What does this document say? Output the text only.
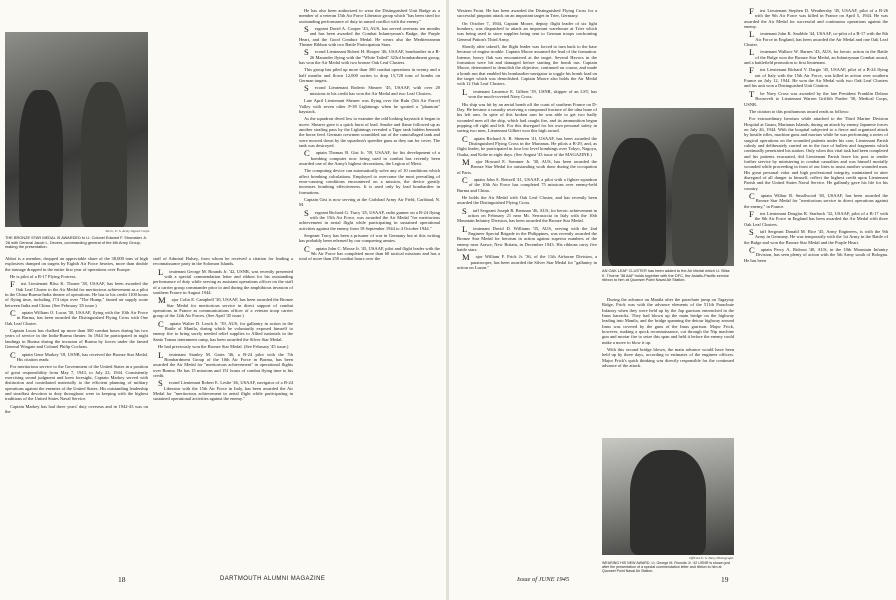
Stern, U. S. Army Signal Corps.
THE BRONZE STAR MEDAL IS AWARDED to Lt. Colonel Edward F. Shumaker Jr. '28 with General Jacob L. Devers, commanding general of the 6th Army Group, making the presentation.

Abbot is a member, dropped an appreciable share of the 38,000 tons of high explosives dumped on targets by Eighth Air Force heavies, more than double the tonnage dropped in the entire first year of operations over Europe.

He is pilot of a B-17 Flying Fortress.

First Lieutenant Bliss K. Thorne '38, USAAF, has been awarded the Oak Leaf Cluster to the Air Medal for meritorious achievement as a pilot in the China-Burma-India theater of operations. He has to his credit 1100 hours of flying time, including 174 trips over "The Hump," famed air supply route between India and China. (See February '45 issue.)

Captain William O. Lucas '30, USAAF, flying with the 10th Air Force in Burma, has been awarded the Distinguished Flying Cross with One Oak Leaf Cluster.

Captain Lucas has chalked up more than 300 combat hours during his two years of service in the India-Burma theater. In 1944 he participated in night landings in Burma during the invasion of Burma by forces under the famed General Wingate and Colonel Philip Cochran.

Captain Gene Markey '18, USNR, has received the Bronze Star Medal. His citation reads:

For meritorious service to the Government of the United States in a position of great responsibility from May 7, 1943, to July 22, 1944. Consistently exercising sound judgment and keen foresight, Captain Markey served with distinction and contributed materially to the efficient planning of military operations against the enemies of the United States. His outstanding leadership and steadfast devotion to duty throughout were in keeping with the highest traditions of the United States Naval Service.

Captain Markey has had three years' duty overseas and in 1942-43 was on the

staff of Admiral Halsey, from whom he received a citation for leading a reconnaissance party in the Solomon Islands.

Lieutenant George M. Rounds Jr. '42, USNR, was recently presented with a special commendation letter and ribbon for his outstanding performance of duty while serving as assistant operations officer on the staff of a carrier group commander prior to and during the amphibious invasion of southern France in August 1944.

Major Colin E. Campbell '30, USAAF, has been awarded the Bronze Star Medal for meritorious service in direct support of combat operations in France as communications officer of a veteran troop carrier group of the 12th Air Forces. (See April '45 issue.)

Captain Walter D. Leach Jr. '39, AUS, for gallantry in action in the Battle of Manila, during which he voluntarily exposed himself to enemy fire to bring sorely needed relief supplies to Allied nationals in the Santo Tomas internment camp, has been awarded the Silver Star Medal.

He had previously won the Bronze Star Medal. (See February '45 issue.)

Lieutenant Stanley M. Gates '46, a B-24 pilot with the 7th Bombardment Group of the 10th Air Force in Burma, has been awarded the Air Medal for "meritorious achievement" in operational flights over Burma. He has 15 missions and 151 hours of combat flying time to his credit.

Second Lieutenant Robert E. Leslie '46, USAAF, navigator of a B-24 Liberator with the 15th Air Force in Italy, has been awarded the Air Medal for "meritorious achievement in aerial flight while participating in sustained operational activities against the enemy."

He has also been authorized to wear the Distinguished Unit Badge as a member of a veteran 15th Air Force Liberator group which "has been cited for outstanding performance of duty in armed conflict with the enemy."

Sergeant David A. Cooper '43, AUS, has served overseas ten months and has been awarded the Combat Infantryman's Badge, the Purple Heart, and the Good Conduct Medal. He wears also the Mediterranean Theater Ribbon with two Battle Participation Stars.

Second Lieutenant Robert H. Hooper '46, USAAF, bombardier in a B-26 Marauder flying with the "White Tailed" 323rd bombardment group, has won the Air Medal with two bronze Oak Leaf Clusters.

This group has piled up more than 300 combat operations in twenty and a half months and flown 12,000 sorties to drop 15,728 tons of bombs on German targets.

Second Lieutenant Roderic Shearer '45, USAAF, with over 20 missions to his credit has won the Air Medal and two Leaf Clusters.

Late April Lieutenant Shearer was flying over the Ruhr (5th Air Force) Valley with seven other P-38 Lightnings when he spotted a "phantom" haystack.

As the squadron dived low to examine the odd looking haystack it began to move. Shearer gave it a quick burst of lead. Smoke and flame followed up as another strafing pass by the Lightnings revealed a Tiger tank hidden beneath the horse feed. German crewmen scrambled out of the camouflaged tank and were mowed down by the squadron's speedier guns as they ran for cover. The tank was destroyed.

Captain Thomas B. Gist Jr. '39, USAAF, for his development of a bombing computer now being used in combat has recently been awarded one of the Army's highest decorations, the Legion of Merit.

The computing device can automatically solve any of 10 conditions which affect bombing calculations. Employed to overcome the most prevailing of error-causing conditions encountered on a mission, the device greatly increases bombing effectiveness. It is used only by lead bombardier in formations.

Captain Gist is now serving at the Carlsbad Army Air Field, Carlsbad, N. M.

Sergeant Richard G. Tracy '45, USAAF, radio gunner on a B-24 flying with the 15th Air Force, was awarded the Air Medal "for meritorious achievement in aerial flight while participating in sustained operational activities against the enemy from 18 September 1944 to 4 October 1944."

Sergeant Tracy has been a prisoner of war in Germany but at this writing has probably been released by our conquering armies.

Captain John C. Mosse Jr. '45, USAAF, pilot and flight leader with the 9th Air Force has completed more than 60 tactical missions and has a total of more than 250 combat hours over the

18	DARTMOUTH ALUMNI MAGAZINE

Western Front. He has been awarded the Distinguished Flying Cross for a successful pinpoint attack on an important target in Trier, Germany.

On October 7, 1944, Captain Moore, deputy flight leader of six light bombers, was dispatched to attack an important warehouse at Trier which was being used to store supplies being sent to German troops confronting General Patton's Third Army.

Shortly after takeoff, the flight leader was forced to turn back to the base because of engine trouble. Captain Moore assumed the lead of the formation. Intense, heavy flak was encountered at the target. Several Havocs in the formation were hit and damaged before starting the bomb run. Captain Moore, determined to demolish the objective, continued on course, and made a bomb run that enabled his bombardier-navigator to toggle his bomb load on the target which was demolished. Captain Moore also holds the Air Medal with 12 Oak Leaf Clusters.

Lieutenant Laurence E. Gilbert '39, USNR, skipper of an LST, has won the much-coveted Navy Cross.

His ship was hit by an aerial bomb off the coast of southern France on D-Day. He became a casualty receiving a compound fracture of the ulna bone of his left arm. In spite of this broken arm he was able to get two badly wounded men off the ship, which had caught fire, and its ammunition began popping off right and left. For this disregard for his own personal safety in saving two men, Lieutenant Gilbert won this high award.

Captain Richard A. B. Shenren '41, USAAF, has been awarded the Distinguished Flying Cross in the Marianas. He pilots a B-29, and, as flight leader, he participated in four low level bombings over Tokyo, Nagoya, Osaka, and Kobe in eight days. (See August '43 issue of the MAGAZINE.)

Major Howard E. Sommer Jr. '30, AUS, has been awarded the Bronze Star Medal for outstanding work done during the occupation of Paris.

Captain John S. Reitzell '41, USAAF, a pilot with a fighter squadron of the 10th Air Force has completed 75 missions over enemy-held Burma and China.

He holds the Air Medal with Oak Leaf Cluster, and has recently been awarded the Distinguished Flying Cross.

Staff Sergeant Joseph R. Brennan '46, AUS, for heroic achievement in action on February 21 near Mt. Serrasiccia in Italy with the 10th Mountain Infantry Division, has been awarded the Bronze Star Medal.

Lieutenant David D. Williams '35, AUS, serving with the 2nd Engineer Special Brigade in the Philippines, was recently awarded the Bronze Star Medal for heroism in action against superior numbers of the enemy near Arawe, New Britain, in December 1943. His ribbons carry five battle stars.

Major William F. Frick Jr. '36, of the 11th Airborne Division, a paratrooper, has been awarded the Silver Star Medal for "gallantry in action on Luzon."

AN OAK LEAF CLUSTER has been added to the Air Medal which Lt. Bliss K. Thorne '38 AAF holds together with the DFC, the Asiatic-Pacific service ribbon to him at Quonset Point Naval Air Station.

During the advance on Manila after the parachute jump on Tagaytay Ridge, Frick was with the advance elements of the 511th Parachute Infantry when they were held up by the Jap garrison entrenched in the Imus barracks. They had blown up the main bridge on the highway leading into Manila, and the bridge spanning the detour highway around Imus was covered by the guns of the Imus garrison. Major Frick, however, making a quick reconnaissance, cut through the Nip machine gun and mortar fire to seize this span and held it before the enemy could make a move to blow it up.

With this second bridge blown, the main advance would have been held up by three days, according to estimates of the engineer officers. Major Frick's quick thinking was directly responsible for the continued advance of the attack.

Official U. S. Navy Photograph.
WEARING HIS NEW AWARD, Lt. George M. Rounds Jr. '42 USNR is shown just after the presentation of a special commendation letter and ribbon to him at Quonset Point Naval Air Station.

First Lieutenant Stephen D. Weathersby '45, USAAF, pilot of a B-26 with the 9th Air Force was killed in France on April 5, 1944. He was awarded the Air Medal for successful and continuous operations against the enemy.

Lieutenant John K. Snobble '44, USAAF, co-pilot of a B-17 with the 8th Air Force in England, has been awarded the Air Medal and one Oak Leaf Cluster.

Lieutenant Wallace W. Barnes '43, AUS, for heroic action in the Battle of the Bulge won the Bronze Star Medal, an Infantryman Combat award, and a battlefield promotion to first lieutenant.

First Lieutenant Richard V. Dargie '45, USAAF, pilot of a B-24 flying out of Italy with the 15th Air Force, was killed in action over southern France on July 12, 1944. He won the Air Medal with two Oak Leaf Clusters and his unit won a Distinguished Unit Citation.

The Navy Cross was awarded by the late President Franklin Delano Roosevelt to Lieutenant Warren Griffith Pardee '30, Medical Corps, USNR.

The citation to this posthumous award reads as follows:

For extraordinary heroism while attached to the Third Marine Division Hospital at Guam, Marianas Islands, during an attack by enemy Japanese forces on July 26, 1944. With the hospital subjected to a fierce and organized attack by hostile rifles, machine guns and mortars while he was performing a series of surgical operations on the wounded patients under his care, Lieutenant Parish calmly and deliberately carried on in the face of bullets and fragments which continually penetrated his station. Only when this vital task had been completed and his patients evacuated, did Lieutenant Parish leave his post to render further service by ministering to combat casualties and was himself mortally wounded while proceeding in front of our lines to assist another wounded man. His great personal valor and high professional integrity, maintained in utter disregard of all danger to himself, reflect the highest credit upon Lieutenant Parish and the United States Naval Service. He gallantly gave his life for his country.

Captain Wilbur R. Smallwood '40, USAAF, has been awarded the Bronze Star Medal for "meritorious service in direct operations against the enemy," in France.

First Lieutenant Douglas R. Starbuck '32, USAAF, pilot of a B-17 with the 8th Air Force in England has been awarded the Air Medal with three Oak Leaf Clusters.

Staff Sergeant Donald M. Rice '45, Army Engineers, is with the 9th Army in Germany. He was temporarily with the 1st Army in the Battle of the Bulge and won the Bronze Star Medal and the Purple Heart.

Captain Percy A. Ridrout '40, AUS, in the 10th Mountain Infantry Division, has seen plenty of action with the 5th Army south of Bologna. He has been

Issue of JUNE 1945	19
